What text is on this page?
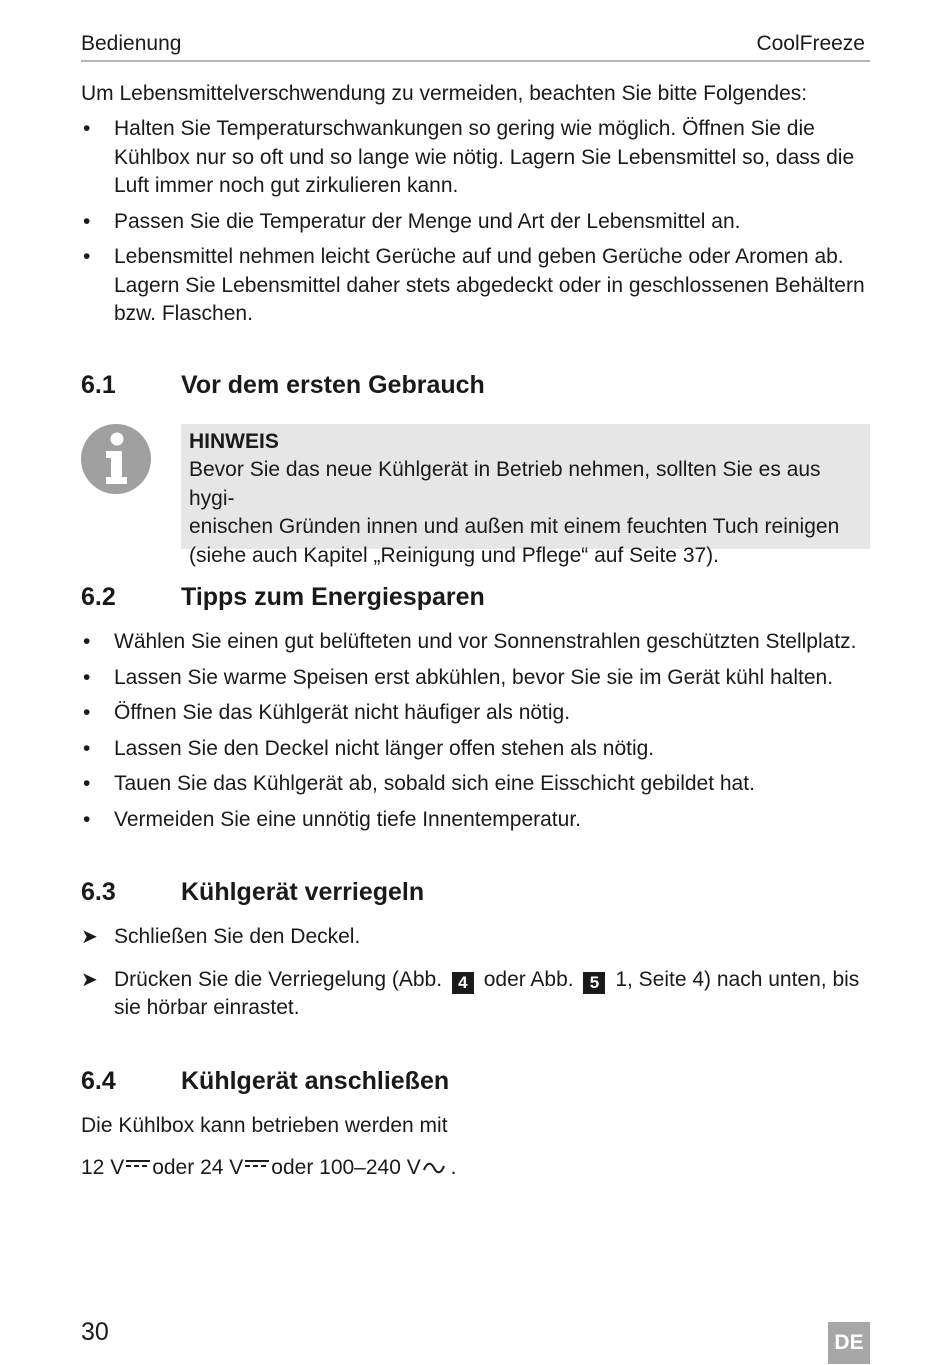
Bedienung	CoolFreeze
Um Lebensmittelverschwendung zu vermeiden, beachten Sie bitte Folgendes:
• Halten Sie Temperaturschwankungen so gering wie möglich. Öffnen Sie die Kühlbox nur so oft und so lange wie nötig. Lagern Sie Lebensmittel so, dass die Luft immer noch gut zirkulieren kann.
• Passen Sie die Temperatur der Menge und Art der Lebensmittel an.
• Lebensmittel nehmen leicht Gerüche auf und geben Gerüche oder Aromen ab. Lagern Sie Lebensmittel daher stets abgedeckt oder in geschlossenen Behältern bzw. Flaschen.
6.1	Vor dem ersten Gebrauch
HINWEIS
Bevor Sie das neue Kühlgerät in Betrieb nehmen, sollten Sie es aus hygi-
enischen Gründen innen und außen mit einem feuchten Tuch reinigen
(siehe auch Kapitel „Reinigung und Pflege“ auf Seite 37).
6.2	Tipps zum Energiesparen
• Wählen Sie einen gut belüfteten und vor Sonnenstrahlen geschützten Stellplatz.
• Lassen Sie warme Speisen erst abkühlen, bevor Sie sie im Gerät kühl halten.
• Öffnen Sie das Kühlgerät nicht häufiger als nötig.
• Lassen Sie den Deckel nicht länger offen stehen als nötig.
• Tauen Sie das Kühlgerät ab, sobald sich eine Eisschicht gebildet hat.
• Vermeiden Sie eine unnötig tiefe Innentemperatur.
6.3	Kühlgerät verriegeln
➤ Schließen Sie den Deckel.
➤ Drücken Sie die Verriegelung (Abb. 4 oder Abb. 5 1, Seite 4) nach unten, bis sie hörbar einrastet.
6.4	Kühlgerät anschließen
Die Kühlbox kann betrieben werden mit
12 V oder 24 V oder 100–240 V .
30	DE
